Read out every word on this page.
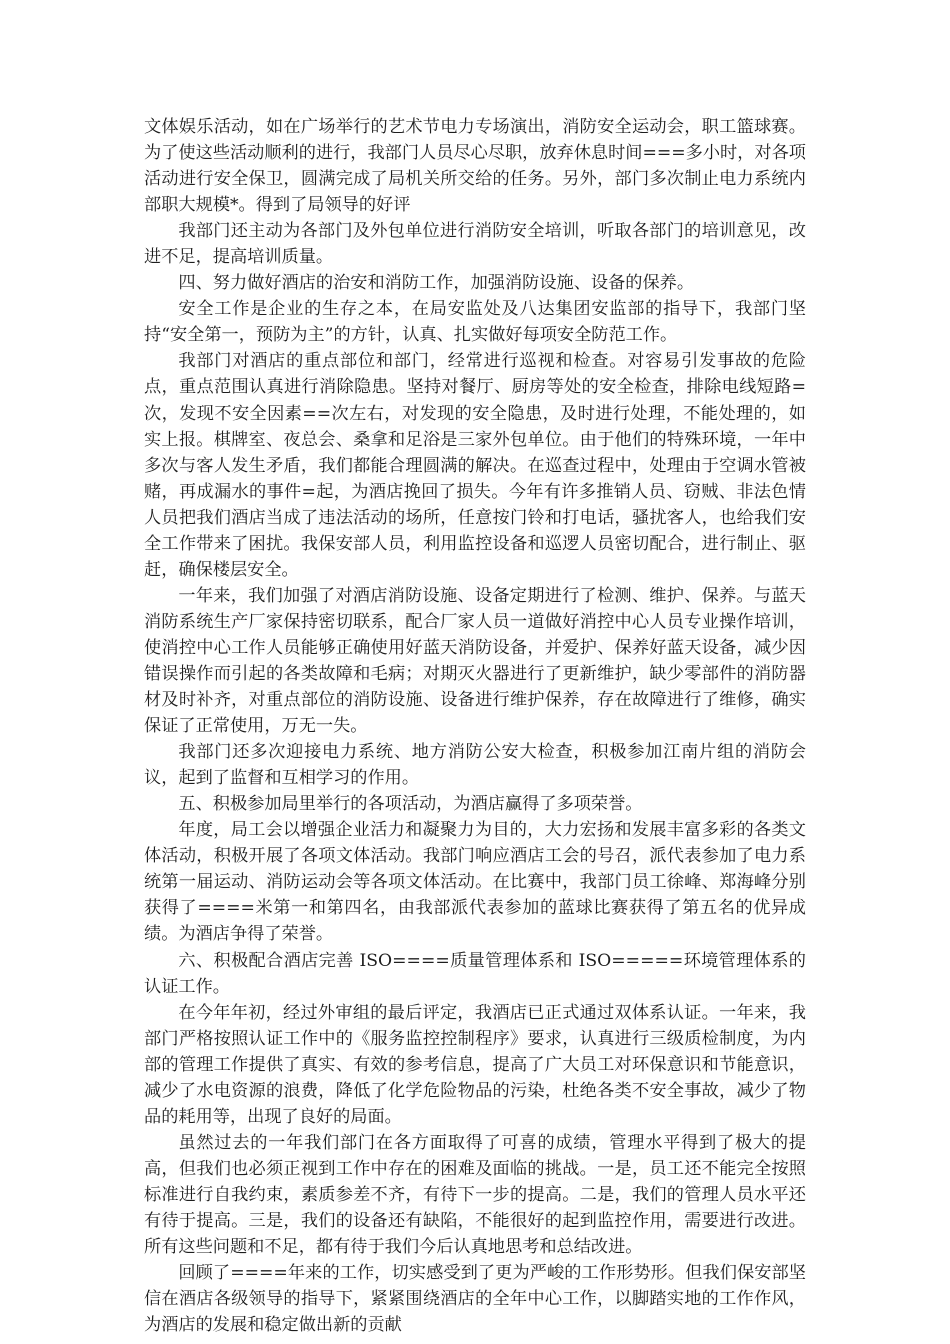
文体娱乐活动，如在广场举行的艺术节电力专场演出，消防安全运动会，职工篮球赛。为了使这些活动顺利的进行，我部门人员尽心尽职，放弃休息时间===多小时，对各项活动进行安全保卫，圆满完成了局机关所交给的任务。另外，部门多次制止电力系统内部职大规模*。得到了局领导的好评

我部门还主动为各部门及外包单位进行消防安全培训，听取各部门的培训意见，改进不足，提高培训质量。

四、努力做好酒店的治安和消防工作，加强消防设施、设备的保养。

安全工作是企业的生存之本，在局安监处及八达集团安监部的指导下，我部门坚持“安全第一，预防为主”的方针，认真、扎实做好每项安全防范工作。

我部门对酒店的重点部位和部门，经常进行巡视和检查。对容易引发事故的危险点，重点范围认真进行消除隐患。坚持对餐厅、厨房等处的安全检查，排除电线短路=次，发现不安全因素==次左右，对发现的安全隐患，及时进行处理，不能处理的，如实上报。棋牌室、夜总会、桑拿和足浴是三家外包单位。由于他们的特殊环境，一年中多次与客人发生矛盾，我们都能合理圆满的解决。在巡查过程中，处理由于空调水管被赌，再成漏水的事件=起，为酒店挽回了损失。今年有许多推销人员、窃贼、非法色情人员把我们酒店当成了违法活动的场所，任意按门铃和打电话，骚扰客人，也给我们安全工作带来了困扰。我保安部人员，利用监控设备和巡逻人员密切配合，进行制止、驱赶，确保楼层安全。

一年来，我们加强了对酒店消防设施、设备定期进行了检测、维护、保养。与蓝天消防系统生产厂家保持密切联系，配合厂家人员一道做好消控中心人员专业操作培训，使消控中心工作人员能够正确使用好蓝天消防设备，并爱护、保养好蓝天设备，减少因错误操作而引起的各类故障和毛病；对期灭火器进行了更新维护，缺少零部件的消防器材及时补齐，对重点部位的消防设施、设备进行维护保养，存在故障进行了维修，确实保证了正常使用，万无一失。

我部门还多次迎接电力系统、地方消防公安大检查，积极参加江南片组的消防会议，起到了监督和互相学习的作用。

五、积极参加局里举行的各项活动，为酒店赢得了多项荣誉。

年度，局工会以增强企业活力和凝聚力为目的，大力宏扬和发展丰富多彩的各类文体活动，积极开展了各项文体活动。我部门响应酒店工会的号召，派代表参加了电力系统第一届运动、消防运动会等各项文体活动。在比赛中，我部门员工徐峰、郑海峰分别获得了====米第一和第四名，由我部派代表参加的蓝球比赛获得了第五名的优异成绩。为酒店争得了荣誉。

六、积极配合酒店完善 ISO====质量管理体系和 ISO=====环境管理体系的认证工作。

在今年年初，经过外审组的最后评定，我酒店已正式通过双体系认证。一年来，我部门严格按照认证工作中的《服务监控控制程序》要求，认真进行三级质检制度，为内部的管理工作提供了真实、有效的参考信息，提高了广大员工对环保意识和节能意识，减少了水电资源的浪费，降低了化学危险物品的污染，杜绝各类不安全事故，减少了物品的耗用等，出现了良好的局面。

虽然过去的一年我们部门在各方面取得了可喜的成绩，管理水平得到了极大的提高，但我们也必须正视到工作中存在的困难及面临的挑战。一是，员工还不能完全按照标准进行自我约束，素质参差不齐，有待下一步的提高。二是，我们的管理人员水平还有待于提高。三是，我们的设备还有缺陷，不能很好的起到监控作用，需要进行改进。所有这些问题和不足，都有待于我们今后认真地思考和总结改进。

回顾了====年来的工作，切实感受到了更为严峻的工作形势形。但我们保安部坚信在酒店各级领导的指导下，紧紧围绕酒店的全年中心工作，以脚踏实地的工作作风，为酒店的发展和稳定做出新的贡献
